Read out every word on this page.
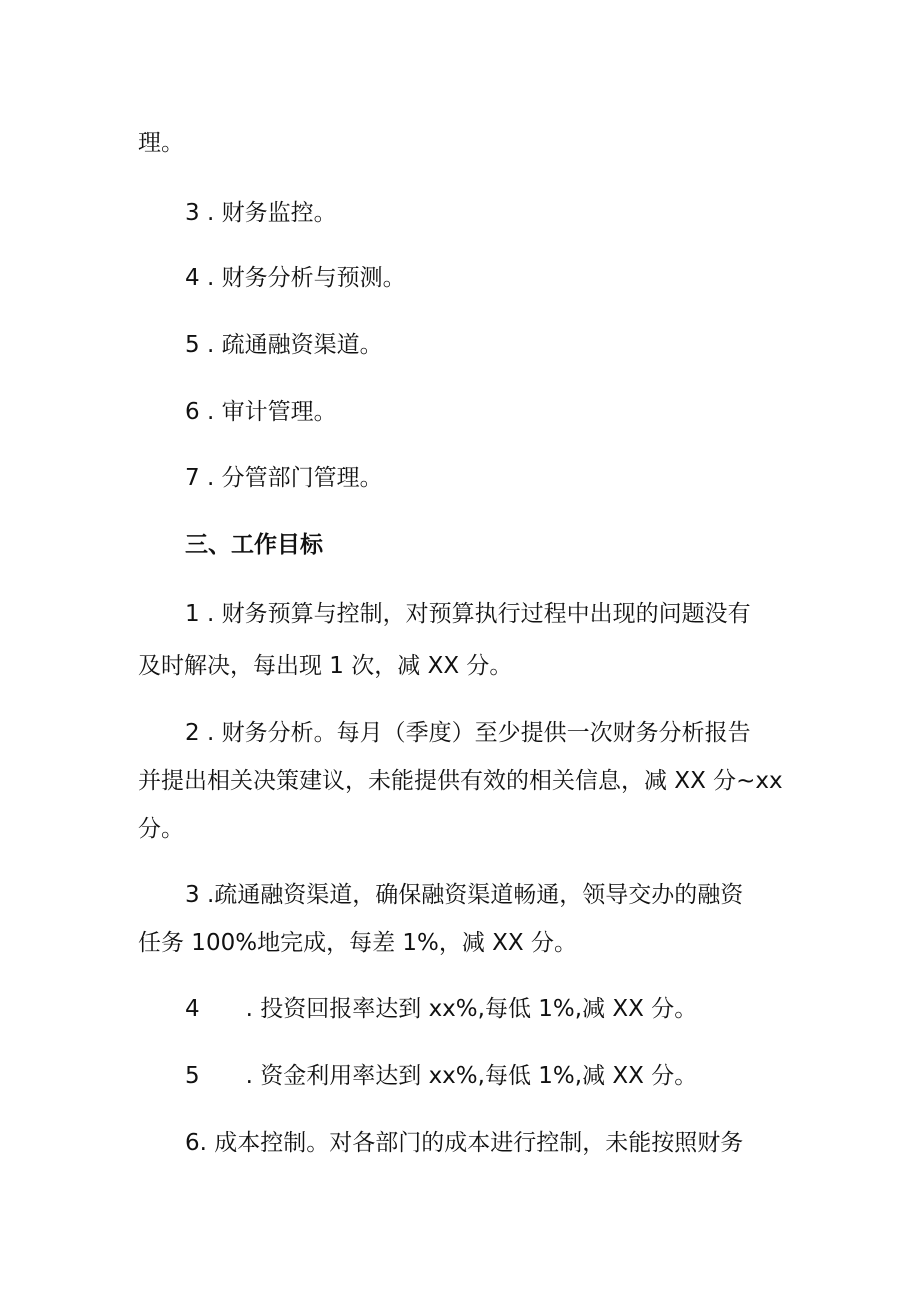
理。
3 . 财务监控。
4 . 财务分析与预测。
5 . 疏通融资渠道。
6 . 审计管理。
7 . 分管部门管理。
三、工作目标
1 . 财务预算与控制，对预算执行过程中出现的问题没有
及时解决，每出现 1 次，减 XX 分。
2 . 财务分析。每月（季度）至少提供一次财务分析报告
并提出相关决策建议，未能提供有效的相关信息，减 XX 分~xx
分。
3 .疏通融资渠道，确保融资渠道畅通，领导交办的融资
任务 100%地完成，每差 1%，减 XX 分。
4　　. 投资回报率达到 xx%,每低 1%,减 XX 分。
5　　. 资金利用率达到 xx%,每低 1%,减 XX 分。
6. 成本控制。对各部门的成本进行控制，未能按照财务
